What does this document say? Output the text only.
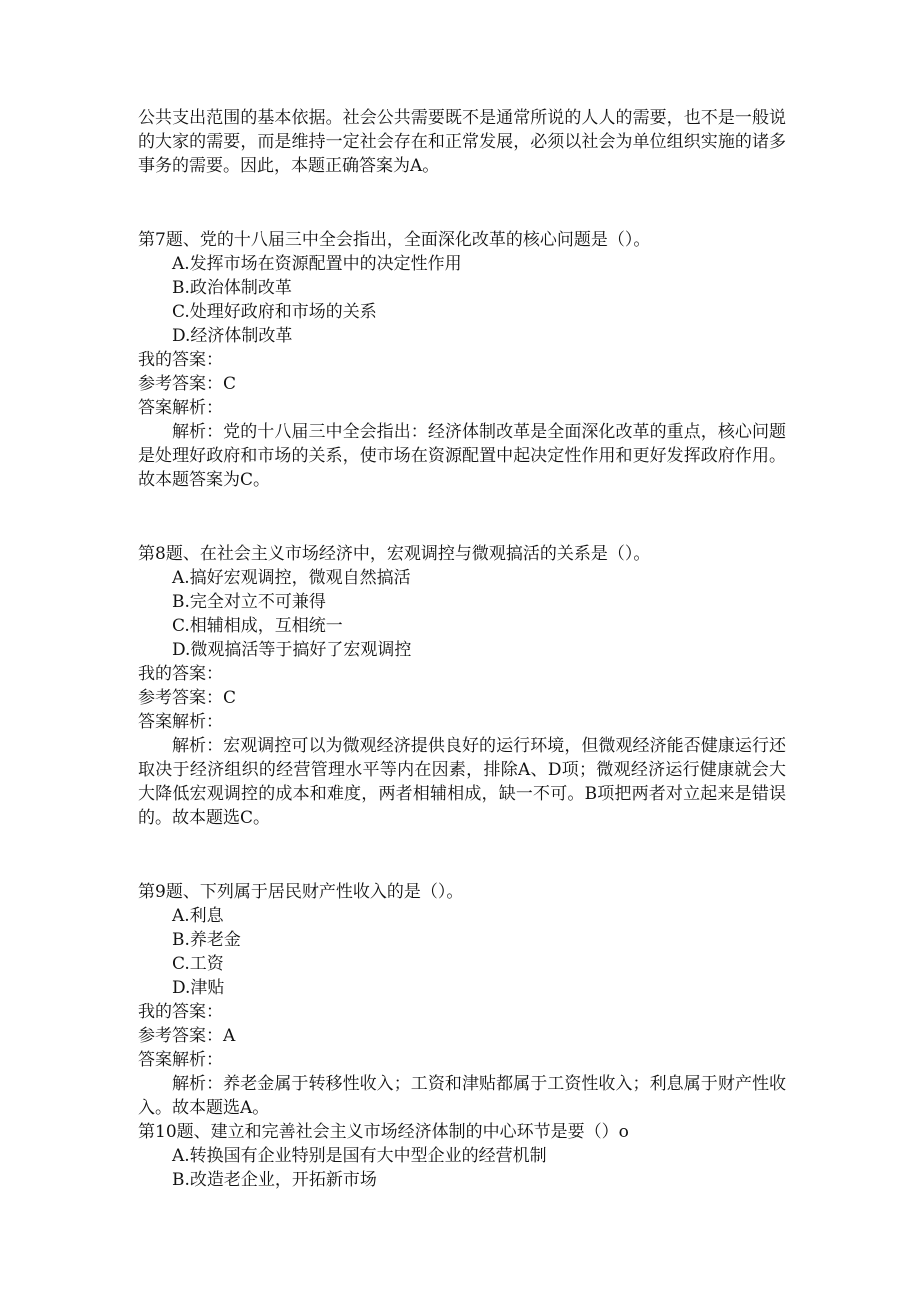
公共支出范围的基本依据。社会公共需要既不是通常所说的人人的需要，也不是一般说的大家的需要，而是维持一定社会存在和正常发展，必须以社会为单位组织实施的诸多事务的需要。因此，本题正确答案为A。

第7题、党的十八届三中全会指出，全面深化改革的核心问题是（）。

A.发挥市场在资源配置中的决定性作用

B.政治体制改革

C.处理好政府和市场的关系

D.经济体制改革

我的答案：

参考答案：C

答案解析：

解析：党的十八届三中全会指出：经济体制改革是全面深化改革的重点，核心问题是处理好政府和市场的关系，使市场在资源配置中起决定性作用和更好发挥政府作用。故本题答案为C。

第8题、在社会主义市场经济中，宏观调控与微观搞活的关系是（）。

A.搞好宏观调控，微观自然搞活

B.完全对立不可兼得

C.相辅相成，互相统一

D.微观搞活等于搞好了宏观调控

我的答案：

参考答案：C

答案解析：

解析：宏观调控可以为微观经济提供良好的运行环境，但微观经济能否健康运行还取决于经济组织的经营管理水平等内在因素，排除A、D项；微观经济运行健康就会大大降低宏观调控的成本和难度，两者相辅相成，缺一不可。B项把两者对立起来是错误的。故本题选C。

第9题、下列属于居民财产性收入的是（）。

A.利息

B.养老金

C.工资

D.津贴

我的答案：

参考答案：A

答案解析：

解析：养老金属于转移性收入；工资和津贴都属于工资性收入；利息属于财产性收入。故本题选A。

第10题、建立和完善社会主义市场经济体制的中心环节是要（）o

A.转换国有企业特别是国有大中型企业的经营机制

B.改造老企业，开拓新市场
